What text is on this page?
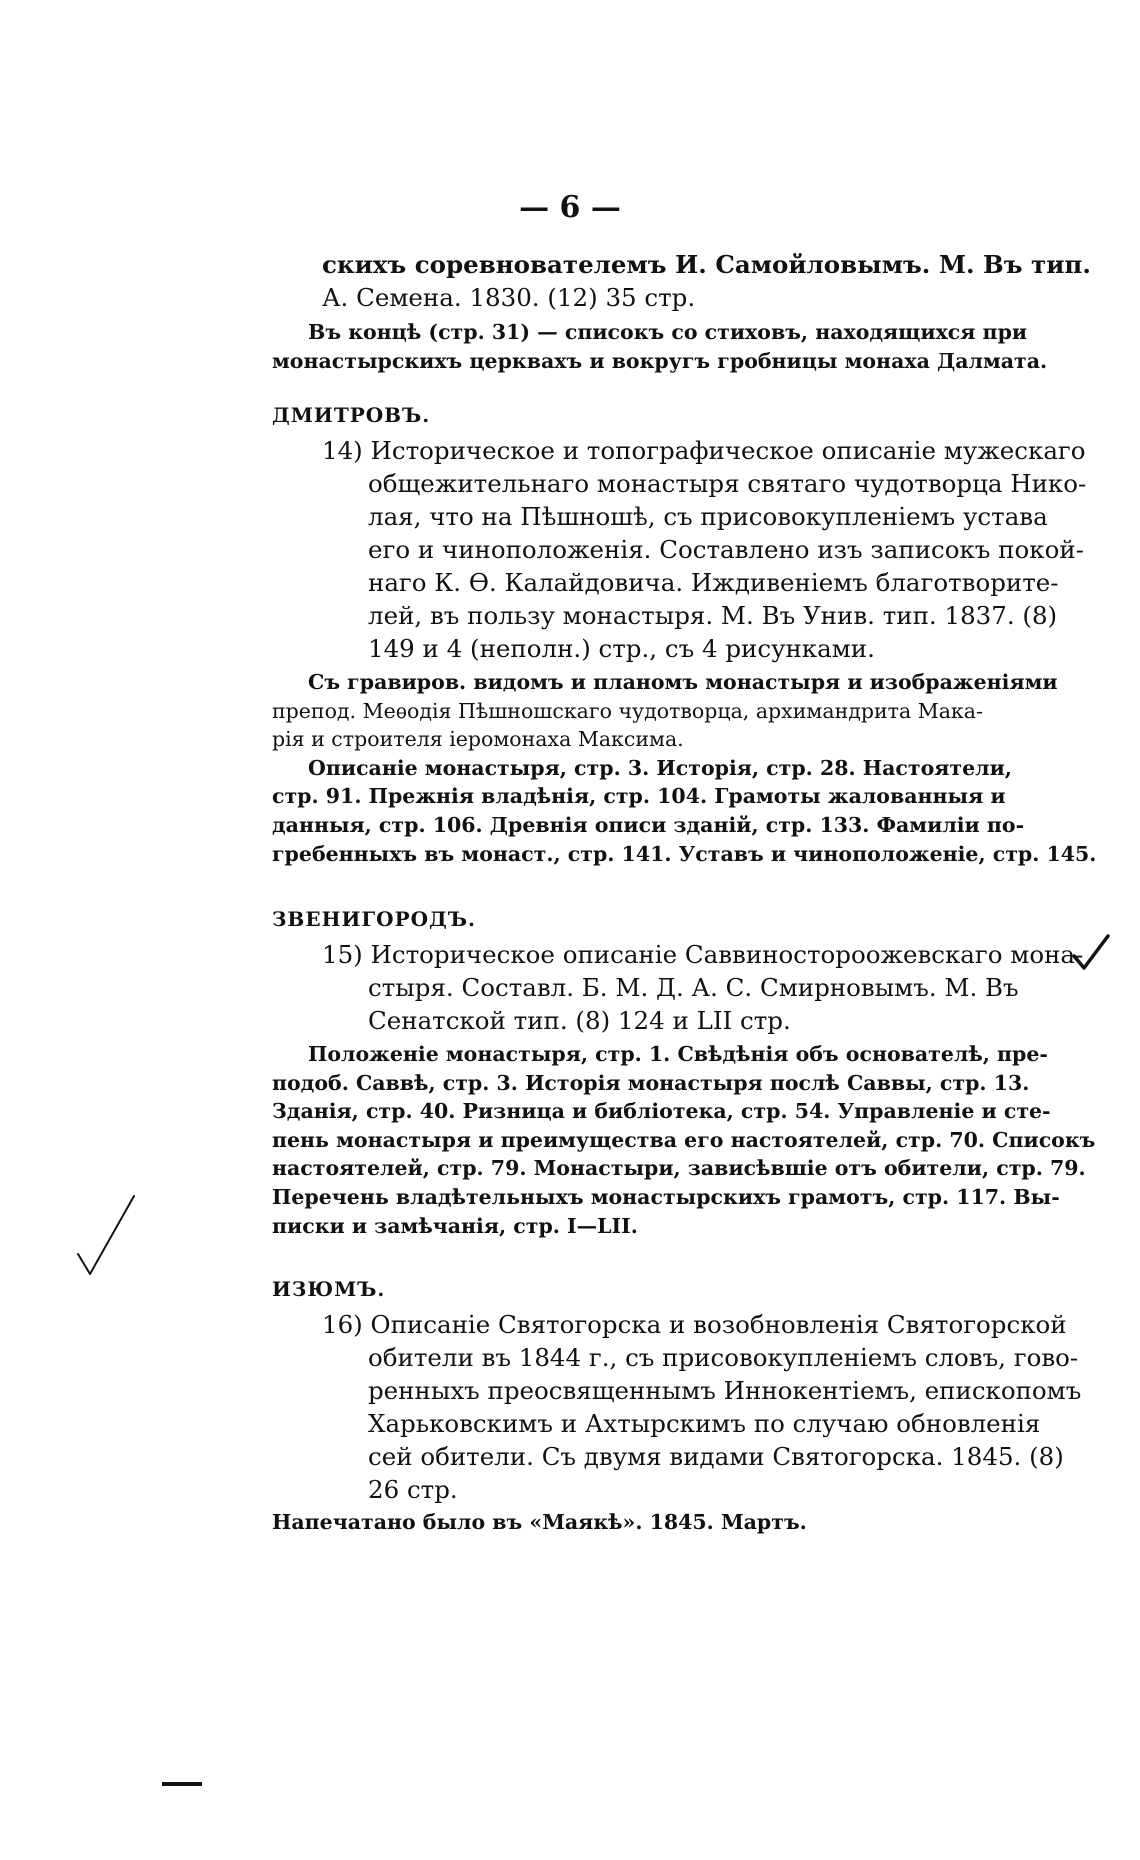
— 6 —
скихъ соревнователемъ И. Самойловымъ. М. Въ тип.
А. Семена. 1830. (12) 35 стр.
Въ концѣ (стр. 31) — списокъ со стиховъ, находящихся при
монастырскихъ церквахъ и вокругъ гробницы монаха Далмата.
ДМИТРОВЪ.
14) Историческое и топографическое описаніе мужескаго
общежительнаго монастыря святаго чудотворца Нико-
лая, что на Пѣшношѣ, съ присовокупленіемъ устава
его и чиноположенія. Составлено изъ записокъ покой-
наго К. Ѳ. Калайдовича. Иждивеніемъ благотворите-
лей, въ пользу монастыря. М. Въ Унив. тип. 1837. (8)
149 и 4 (неполн.) стр., съ 4 рисунками.
Съ гравиров. видомъ и планомъ монастыря и изображеніями
препод. Меѳодія Пѣшношскаго чудотворца, архимандрита Мака-
рія и строителя іеромонаха Максима.
Описаніе монастыря, стр. 3. Исторія, стр. 28. Настоятели,
стр. 91. Прежнія владѣнія, стр. 104. Грамоты жалованныя и
данныя, стр. 106. Древнія описи зданій, стр. 133. Фамиліи по-
гребенныхъ въ монаст., стр. 141. Уставъ и чиноположеніе, стр. 145.
ЗВЕНИГОРОДЪ.
15) Историческое описаніе Саввиностороожевскаго мона-
стыря. Составл. Б. М. Д. А. С. Смирновымъ. М. Въ
Сенатской тип. (8) 124 и LII стр.
Положеніе монастыря, стр. 1. Свѣдѣнія объ основателѣ, пре-
подоб. Саввѣ, стр. 3. Исторія монастыря послѣ Саввы, стр. 13.
Зданія, стр. 40. Ризница и библіотека, стр. 54. Управленіе и сте-
пень монастыря и преимущества его настоятелей, стр. 70. Списокъ
настоятелей, стр. 79. Монастыри, зависѣвшіе отъ обители, стр. 79.
Перечень владѣтельныхъ монастырскихъ грамотъ, стр. 117. Вы-
писки и замѣчанія, стр. I—LII.
ИЗЮМЪ.
16) Описаніе Святогорска и возобновленія Святогорской
обители въ 1844 г., съ присовокупленіемъ словъ, гово-
ренныхъ преосвященнымъ Иннокентіемъ, епископомъ
Харьковскимъ и Ахтырскимъ по случаю обновленія
сей обители. Съ двумя видами Святогорска. 1845. (8)
26 стр.
Напечатано было въ «Маякѣ». 1845. Мартъ.
